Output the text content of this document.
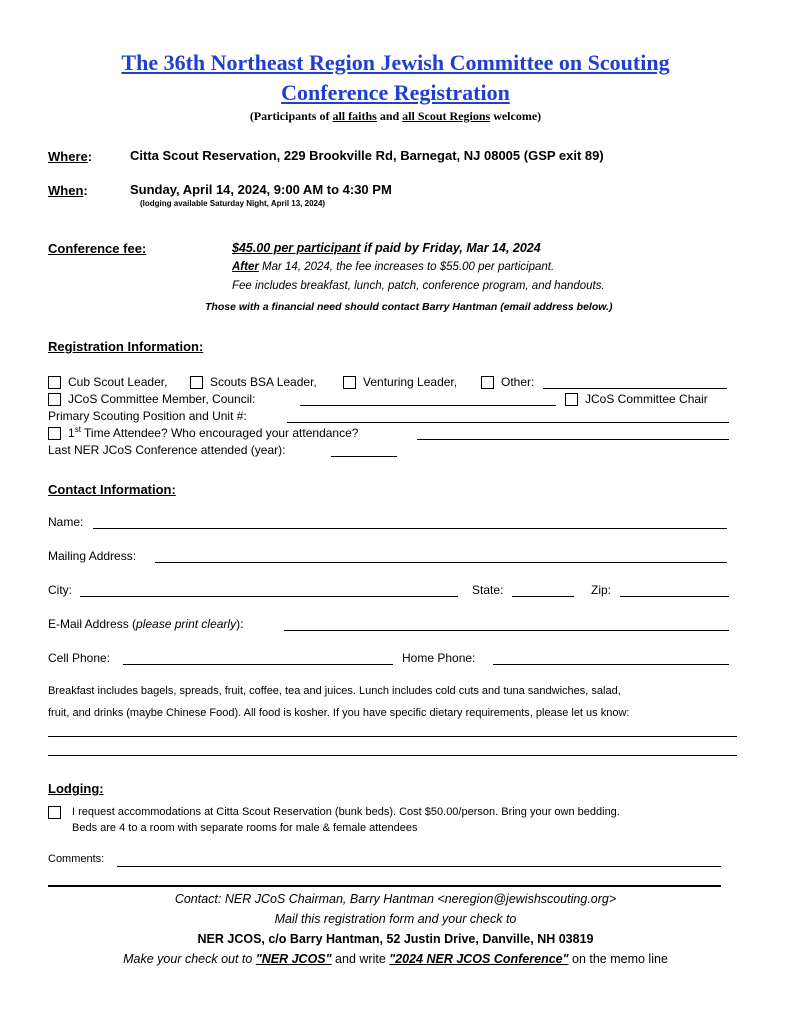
The 36th Northeast Region Jewish Committee on Scouting
Conference Registration
(Participants of all faiths and all Scout Regions welcome)
Where:	Citta Scout Reservation, 229 Brookville Rd, Barnegat, NJ 08005 (GSP exit 89)
When:	Sunday, April 14, 2024, 9:00 AM to 4:30 PM
(lodging available Saturday Night, April 13, 2024)
Conference fee:	$45.00 per participant if paid by Friday, Mar 14, 2024
After Mar 14, 2024, the fee increases to $55.00 per participant.
Fee includes breakfast, lunch, patch, conference program, and handouts.
Those with a financial need should contact Barry Hantman (email address below.)
Registration Information:
Cub Scout Leader,	Scouts BSA Leader,	Venturing Leader,	Other:
JCoS Committee Member, Council:	JCoS Committee Chair
Primary Scouting Position and Unit #:
1st Time Attendee? Who encouraged your attendance?
Last NER JCoS Conference attended (year):
Contact Information:
Name:
Mailing Address:
City:	State:	Zip:
E-Mail Address (please print clearly):
Cell Phone:	Home Phone:
Breakfast includes bagels, spreads, fruit, coffee, tea and juices. Lunch includes cold cuts and tuna sandwiches, salad,
fruit, and drinks (maybe Chinese Food). All food is kosher. If you have specific dietary requirements, please let us know:
Lodging:
I request accommodations at Citta Scout Reservation (bunk beds). Cost $50.00/person. Bring your own bedding.
Beds are 4 to a room with separate rooms for male & female attendees
Comments:
Contact: NER JCoS Chairman, Barry Hantman <neregion@jewishscouting.org>
Mail this registration form and your check to
NER JCOS, c/o Barry Hantman, 52 Justin Drive, Danville, NH 03819
Make your check out to "NER JCOS" and write "2024 NER JCOS Conference" on the memo line
